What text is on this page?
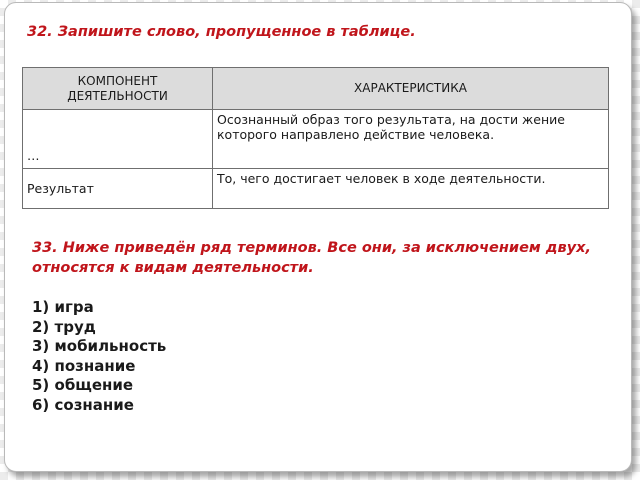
32. Запишите слово, пропущенное в таблице.
КОМПОНЕНТ ДЕЯТЕЛЬНОСТИ	ХАРАКТЕРИСТИКА
…	Осознанный образ того результата, на дости жение которого направлено действие человека.
Результат	То, чего достигает человек в ходе деятельности.
33. Ниже приведён ряд терминов. Все они, за исключением двух, относятся к видам деятельности.
1) игра
2) труд
3) мобильность
4) познание
5) общение
6) сознание
